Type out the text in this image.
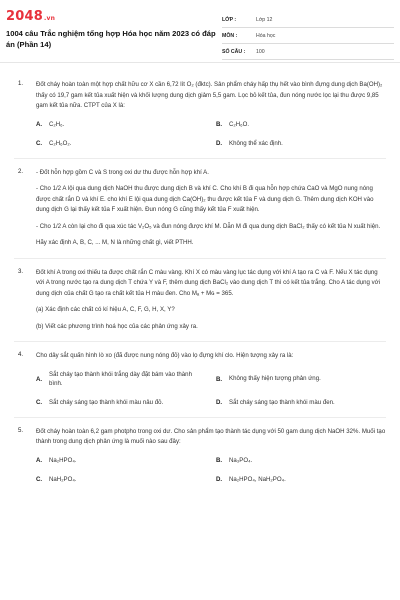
2048.vn
1004 câu Trắc nghiệm tổng hợp Hóa học năm 2023 có đáp án (Phần 14)
LỚP :	Lớp 12
MÔN :	Hóa học
SỐ CÂU :	100
1. Đốt cháy hoàn toàn một hợp chất hữu cơ X cần 6,72 lít O₂ (đktc). Sản phẩm cháy hấp thụ hết vào bình đựng dung dịch Ba(OH)₂ thấy có 19,7 gam kết tủa xuất hiện và khối lượng dung dịch giảm 5,5 gam. Lọc bỏ kết tủa, đun nóng nước lọc lại thu được 9,85 gam kết tủa nữa. CTPT của X là:

A.	C₂H₆.	B.	C₂H₆O.
C.	C₂H₆O₂.	D.	Không thể xác định.
2. - Đốt hỗn hợp gồm C và S trong oxi dư thu được hỗn hợp khí A.

- Cho 1/2 A lội qua dung dịch NaOH thu được dung dịch B và khí C. Cho khí B đi qua hỗn hợp chứa CaO và MgO nung nóng được chất rắn D và khí E. cho khí E lội qua dung dịch Ca(OH)₂ thu được kết tủa F và dung dịch G. Thêm dung dịch KOH vào dung dịch G lại thấy kết tủa F xuất hiện. Đun nóng G cũng thấy kết tủa F xuất hiện.

- Cho 1/2 A còn lại cho đi qua xúc tác V₂O₅ và đun nóng được khí M. Dẫn M đi qua dung dịch BaCl₂ thấy có kết tủa N xuất hiện.

Hãy xác định A, B, C, ... M, N là những chất gì, viết PTHH.

3. Đốt khí A trong oxi thiếu ta được chất rắn C màu vàng. Khí X có màu vàng lục tác dụng với khí A tạo ra C và F. Nếu X tác dụng với A trong nước tạo ra dung dịch T chứa Y và F, thêm dung dịch BaCl₂ vào dung dịch T thì có kết tủa trắng. Cho A tác dụng với dung dịch của chất G tạo ra chất kết tủa H màu đen. Cho Mₐ + Mɢ = 365.

(a) Xác định các chất có kí hiệu A, C, F, G, H, X, Y?

(b) Viết các phương trình hoá học của các phản ứng xảy ra.

4. Cho dây sắt quấn hình lò xo (đã được nung nóng đỏ) vào lọ đựng khí clo. Hiện tượng xảy ra là:

A.
Sắt cháy tạo thành khói trắng dày đặt bám vào thành bình.
B.	Không thấy hiện tượng phản ứng.
C.	Sắt cháy sáng tạo thành khói màu nâu đỏ.	D.	Sắt cháy sáng tạo thành khói màu đen.
5. Đốt cháy hoàn toàn 6,2 gam photpho trong oxi dư. Cho sản phẩm tạo thành tác dụng với 50 gam dung dịch NaOH 32%. Muối tạo thành trong dung dịch phản ứng là muối nào sau đây:

A.	Na₂HPO₄.	B.	Na₃PO₄.
C.	NaH₂PO₄.	D.	Na₂HPO₄, NaH₂PO₄.
